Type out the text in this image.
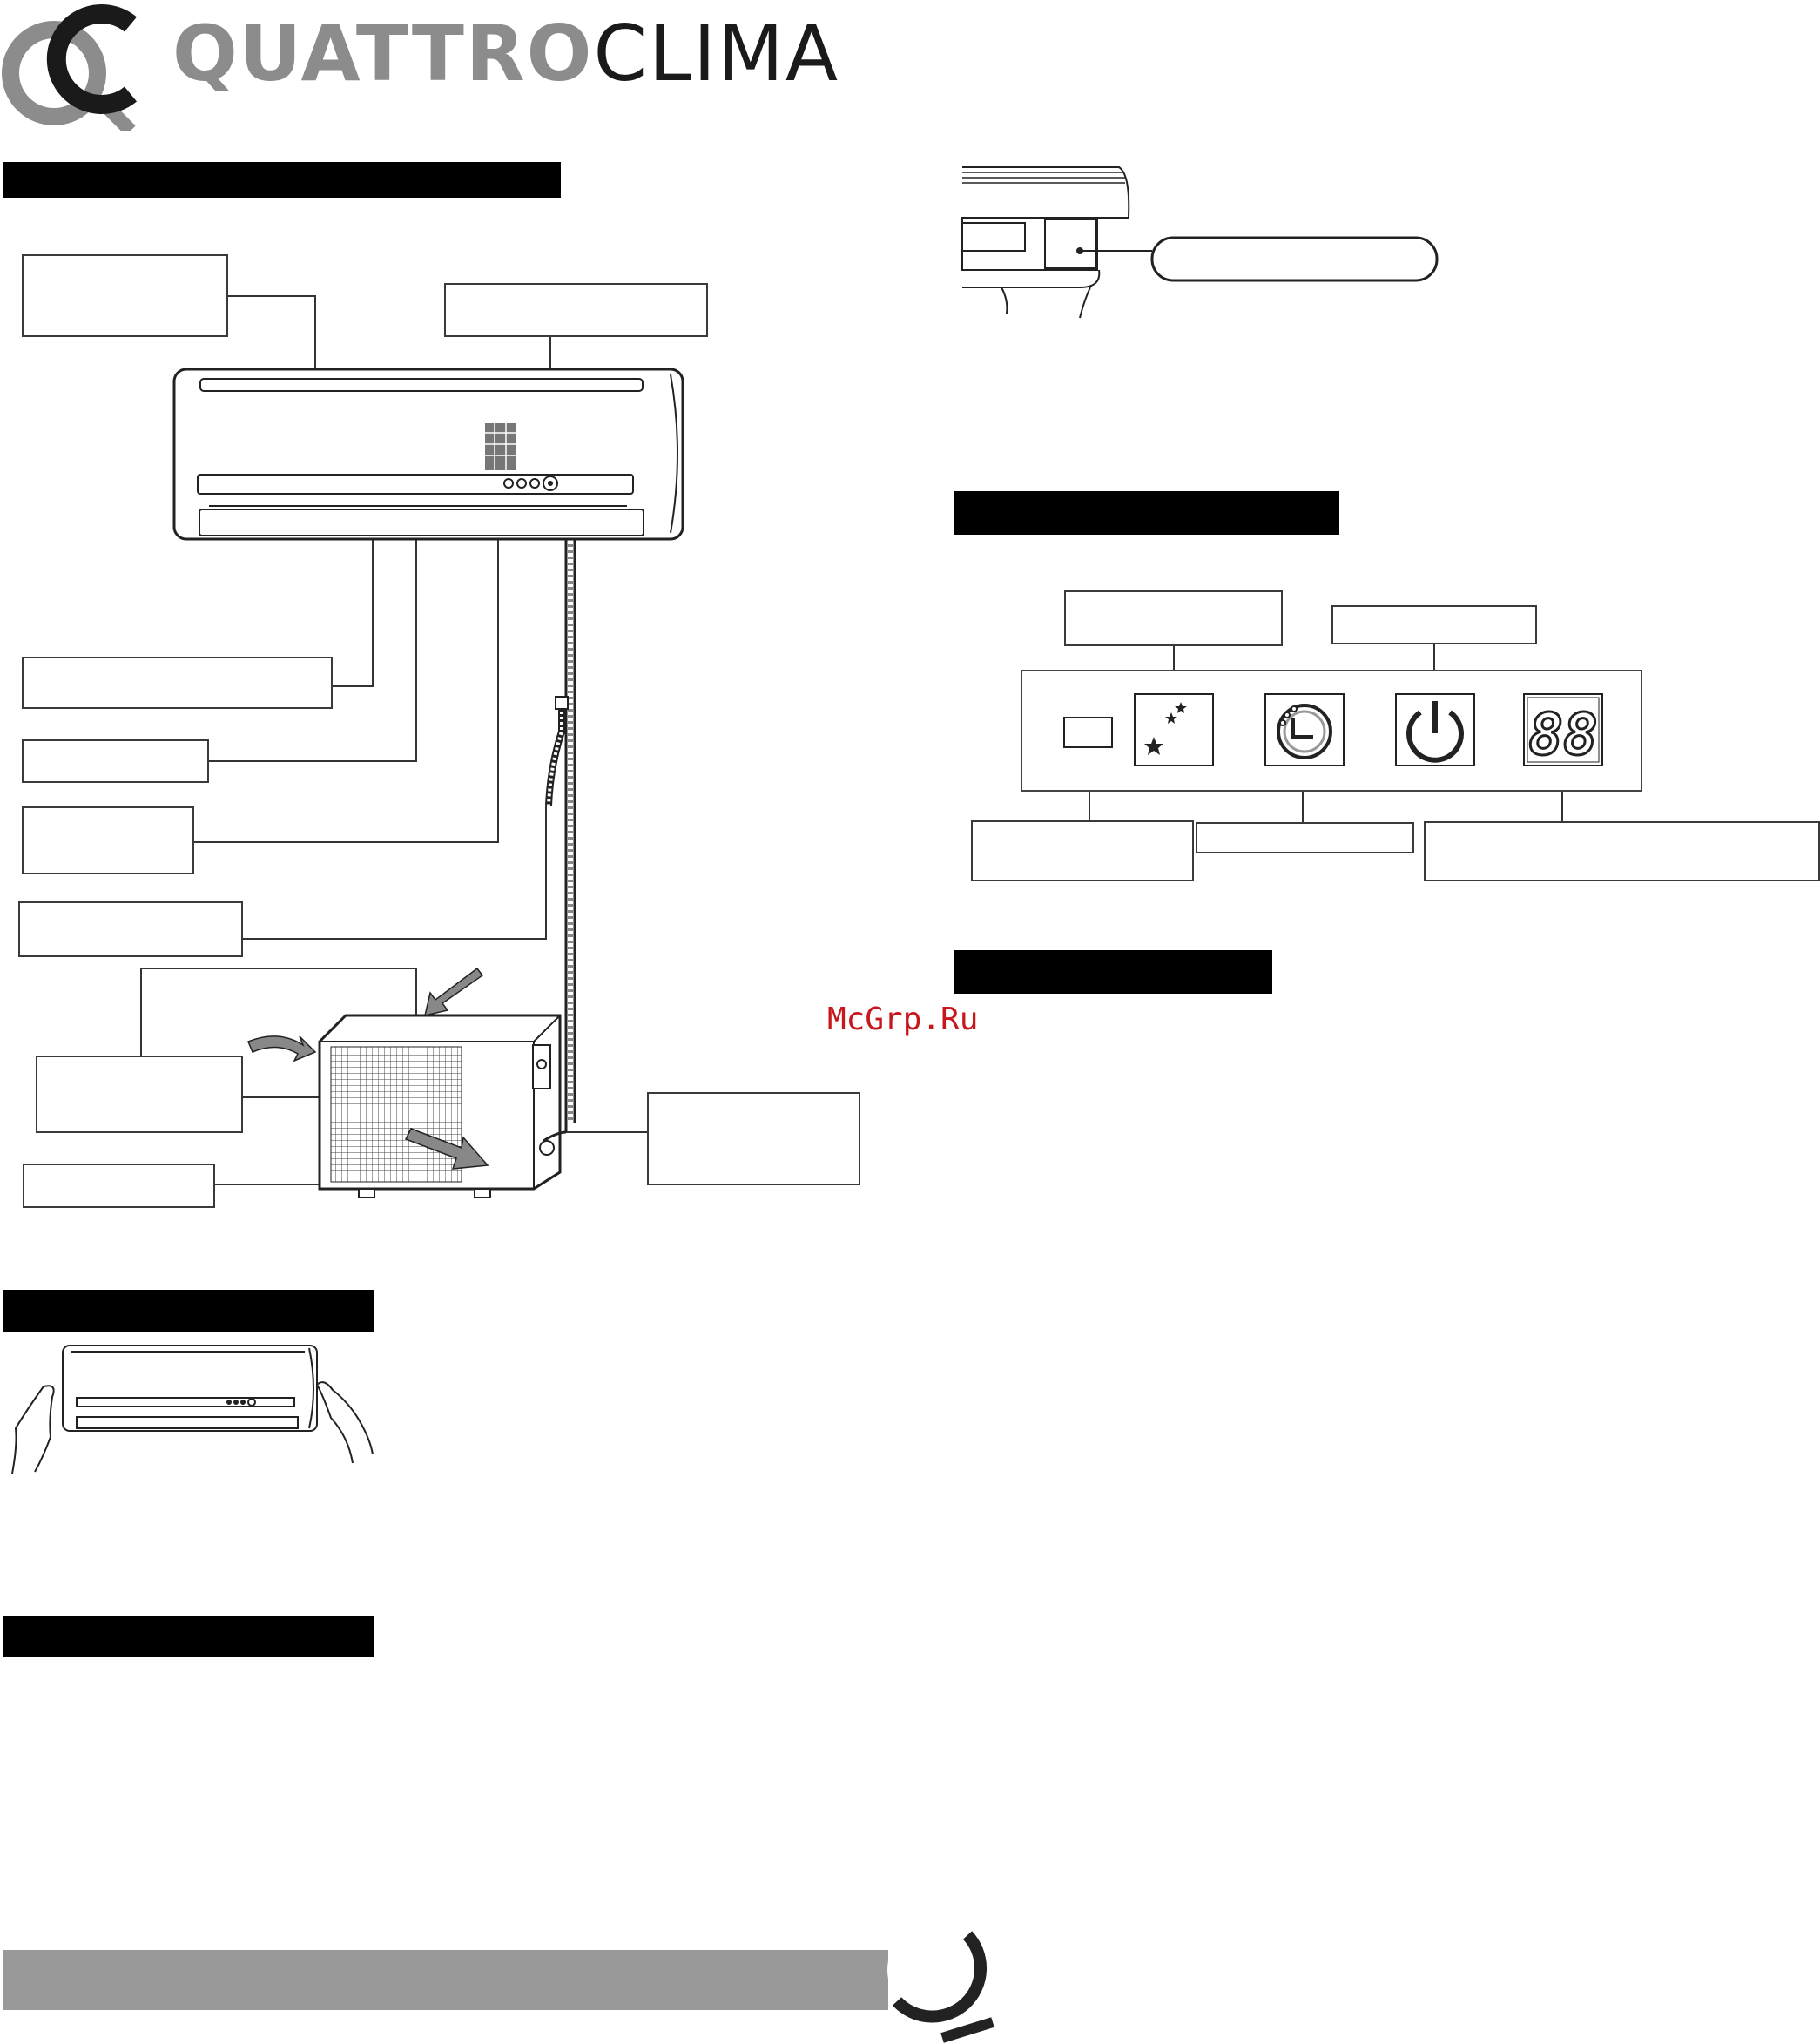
QUATTROCLIMA
88
McGrp.Ru
